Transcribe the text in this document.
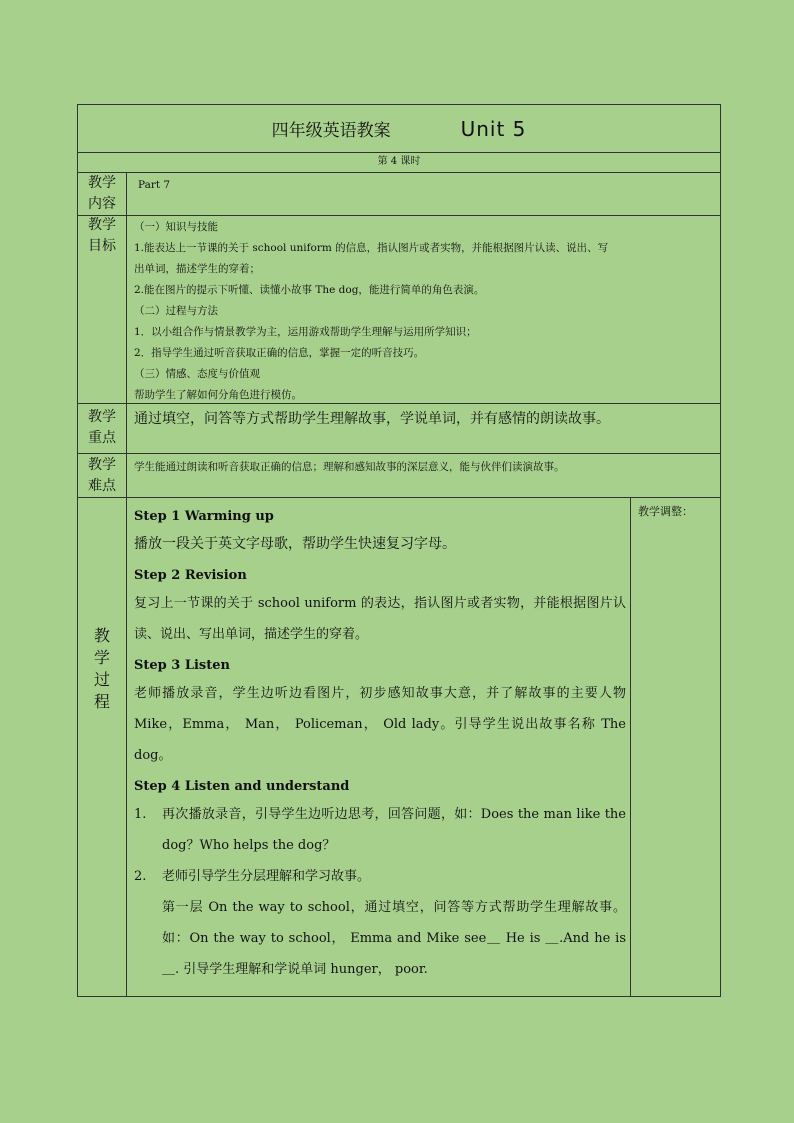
四年级英语教案	Unit 5
第 4 课时
教学
内容
Part 7
教学
目标
（一）知识与技能
1.能表达上一节课的关于 school uniform 的信息，指认图片或者实物，并能根据图片认读、说出、写
出单词，描述学生的穿着；
2.能在图片的提示下听懂、读懂小故事 The dog，能进行简单的角色表演。
（二）过程与方法
1．以小组合作与情景教学为主，运用游戏帮助学生理解与运用所学知识；
2．指导学生通过听音获取正确的信息，掌握一定的听音技巧。
（三）情感、态度与价值观
帮助学生了解如何分角色进行模仿。
教学
重点
通过填空，问答等方式帮助学生理解故事，学说单词，并有感情的朗读故事。
教学
难点
学生能通过朗读和听音获取正确的信息；理解和感知故事的深层意义，能与伙伴们读演故事。
教
学
过
程

Step 1 Warming up

播放一段关于英文字母歌，帮助学生快速复习字母。

Step 2 Revision

复习上一节课的关于 school uniform 的表达，指认图片或者实物，并能根据图片认读、说出、写出单词，描述学生的穿着。

Step 3 Listen

老师播放录音，学生边听边看图片，初步感知故事大意，并了解故事的主要人物 Mike，Emma， Man， Policeman， Old lady。引导学生说出故事名称 The dog。

Step 4 Listen and understand

1.	再次播放录音，引导学生边听边思考，回答问题，如：Does the man like the dog？Who helps the dog？
2.	老师引导学生分层理解和学习故事。

第一层 On the way to school，通过填空，问答等方式帮助学生理解故事。如：On the way to school， Emma and Mike see＿ He is ＿.And he is ＿. 引导学生理解和学说单词 hunger， poor.

教学调整：
